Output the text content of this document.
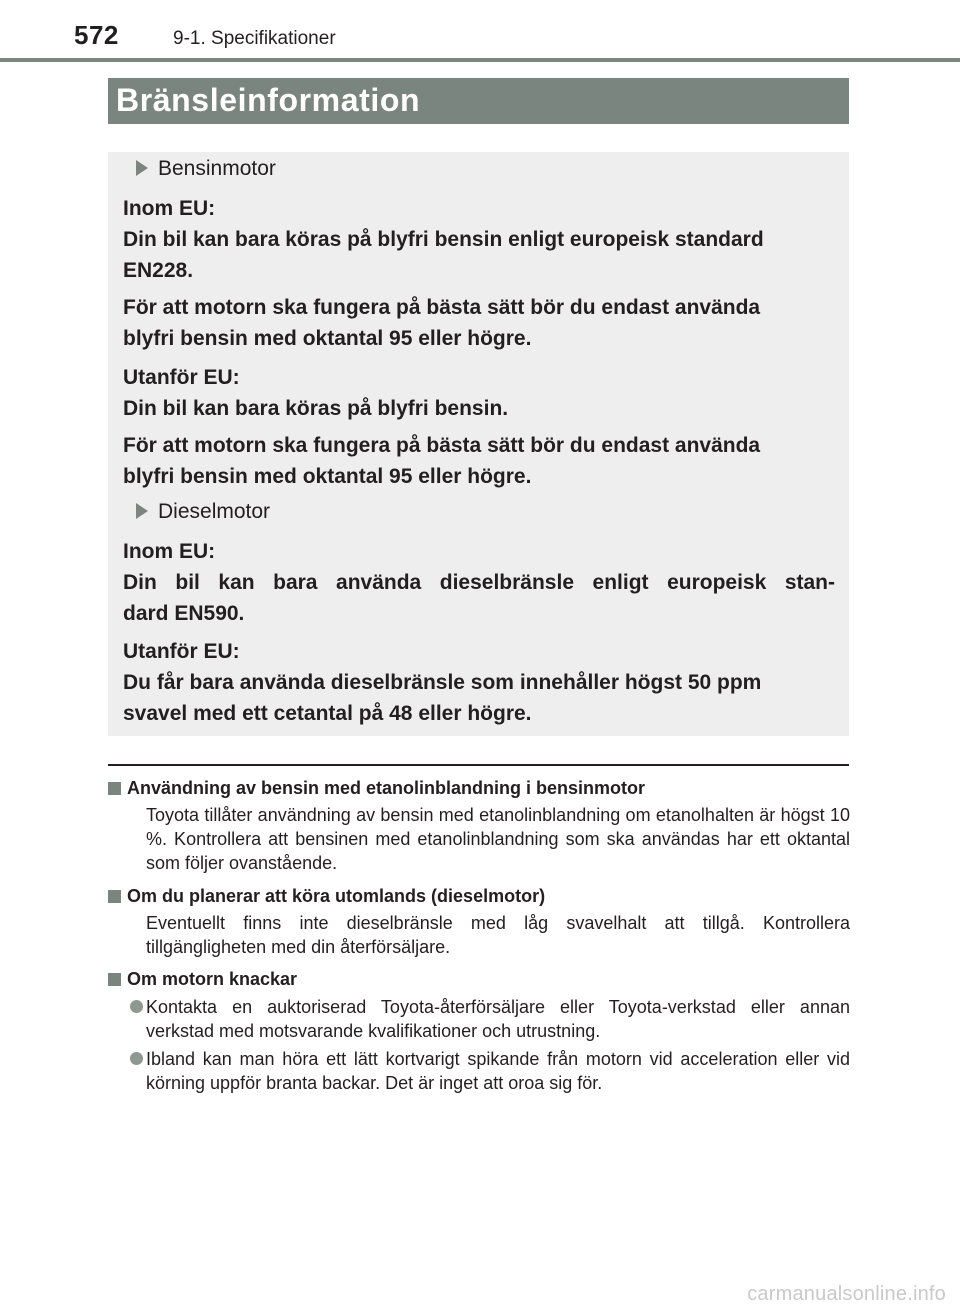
572	9-1. Specifikationer
Bränsleinformation
Bensinmotor
Inom EU:
Din bil kan bara köras på blyfri bensin enligt europeisk standard
EN228.
För att motorn ska fungera på bästa sätt bör du endast använda
blyfri bensin med oktantal 95 eller högre.
Utanför EU:
Din bil kan bara köras på blyfri bensin.
För att motorn ska fungera på bästa sätt bör du endast använda
blyfri bensin med oktantal 95 eller högre.
Dieselmotor
Inom EU:
Din bil kan bara använda dieselbränsle enligt europeisk stan-
dard EN590.
Utanför EU:
Du får bara använda dieselbränsle som innehåller högst 50 ppm
svavel med ett cetantal på 48 eller högre.
Användning av bensin med etanolinblandning i bensinmotor
Toyota tillåter användning av bensin med etanolinblandning om etanolhalten är högst 10 %. Kontrollera att bensinen med etanolinblandning som ska användas har ett oktantal som följer ovanstående.
Om du planerar att köra utomlands (dieselmotor)
Eventuellt finns inte dieselbränsle med låg svavelhalt att tillgå. Kontrollera tillgängligheten med din återförsäljare.
Om motorn knackar
Kontakta en auktoriserad Toyota-återförsäljare eller Toyota-verkstad eller annan verkstad med motsvarande kvalifikationer och utrustning.
Ibland kan man höra ett lätt kortvarigt spikande från motorn vid acceleration eller vid körning uppför branta backar. Det är inget att oroa sig för.
carmanualsonline.info
